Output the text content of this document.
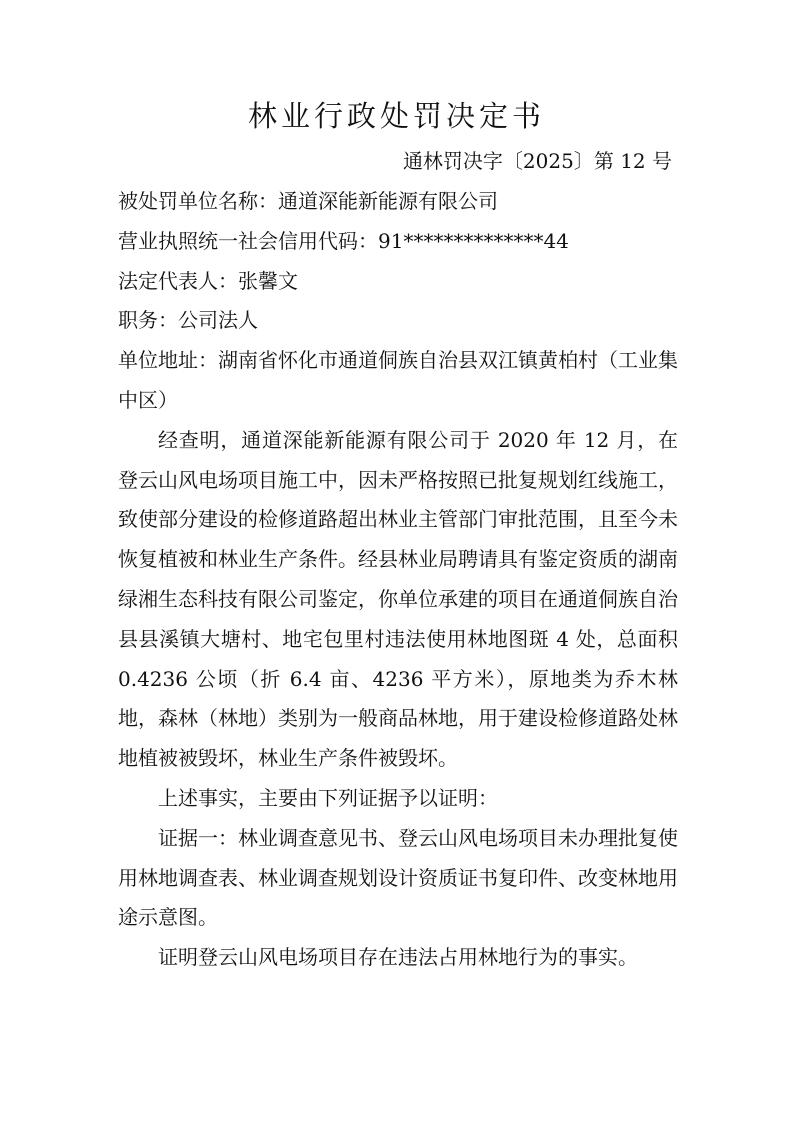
林业行政处罚决定书
通林罚决字〔2025〕第 12 号

被处罚单位名称：通道深能新能源有限公司

营业执照统一社会信用代码：91**************44

法定代表人：张馨文

职务：公司法人

单位地址：湖南省怀化市通道侗族自治县双江镇黄柏村（工业集中区）

经查明，通道深能新能源有限公司于 2020 年 12 月，在登云山风电场项目施工中，因未严格按照已批复规划红线施工，致使部分建设的检修道路超出林业主管部门审批范围，且至今未恢复植被和林业生产条件。经县林业局聘请具有鉴定资质的湖南绿湘生态科技有限公司鉴定，你单位承建的项目在通道侗族自治县县溪镇大塘村、地宅包里村违法使用林地图斑 4 处，总面积 0.4236 公顷（折 6.4 亩、4236 平方米），原地类为乔木林地，森林（林地）类别为一般商品林地，用于建设检修道路处林地植被被毁坏，林业生产条件被毁坏。

上述事实，主要由下列证据予以证明：

证据一：林业调查意见书、登云山风电场项目未办理批复使用林地调查表、林业调查规划设计资质证书复印件、改变林地用途示意图。

证明登云山风电场项目存在违法占用林地行为的事实。
